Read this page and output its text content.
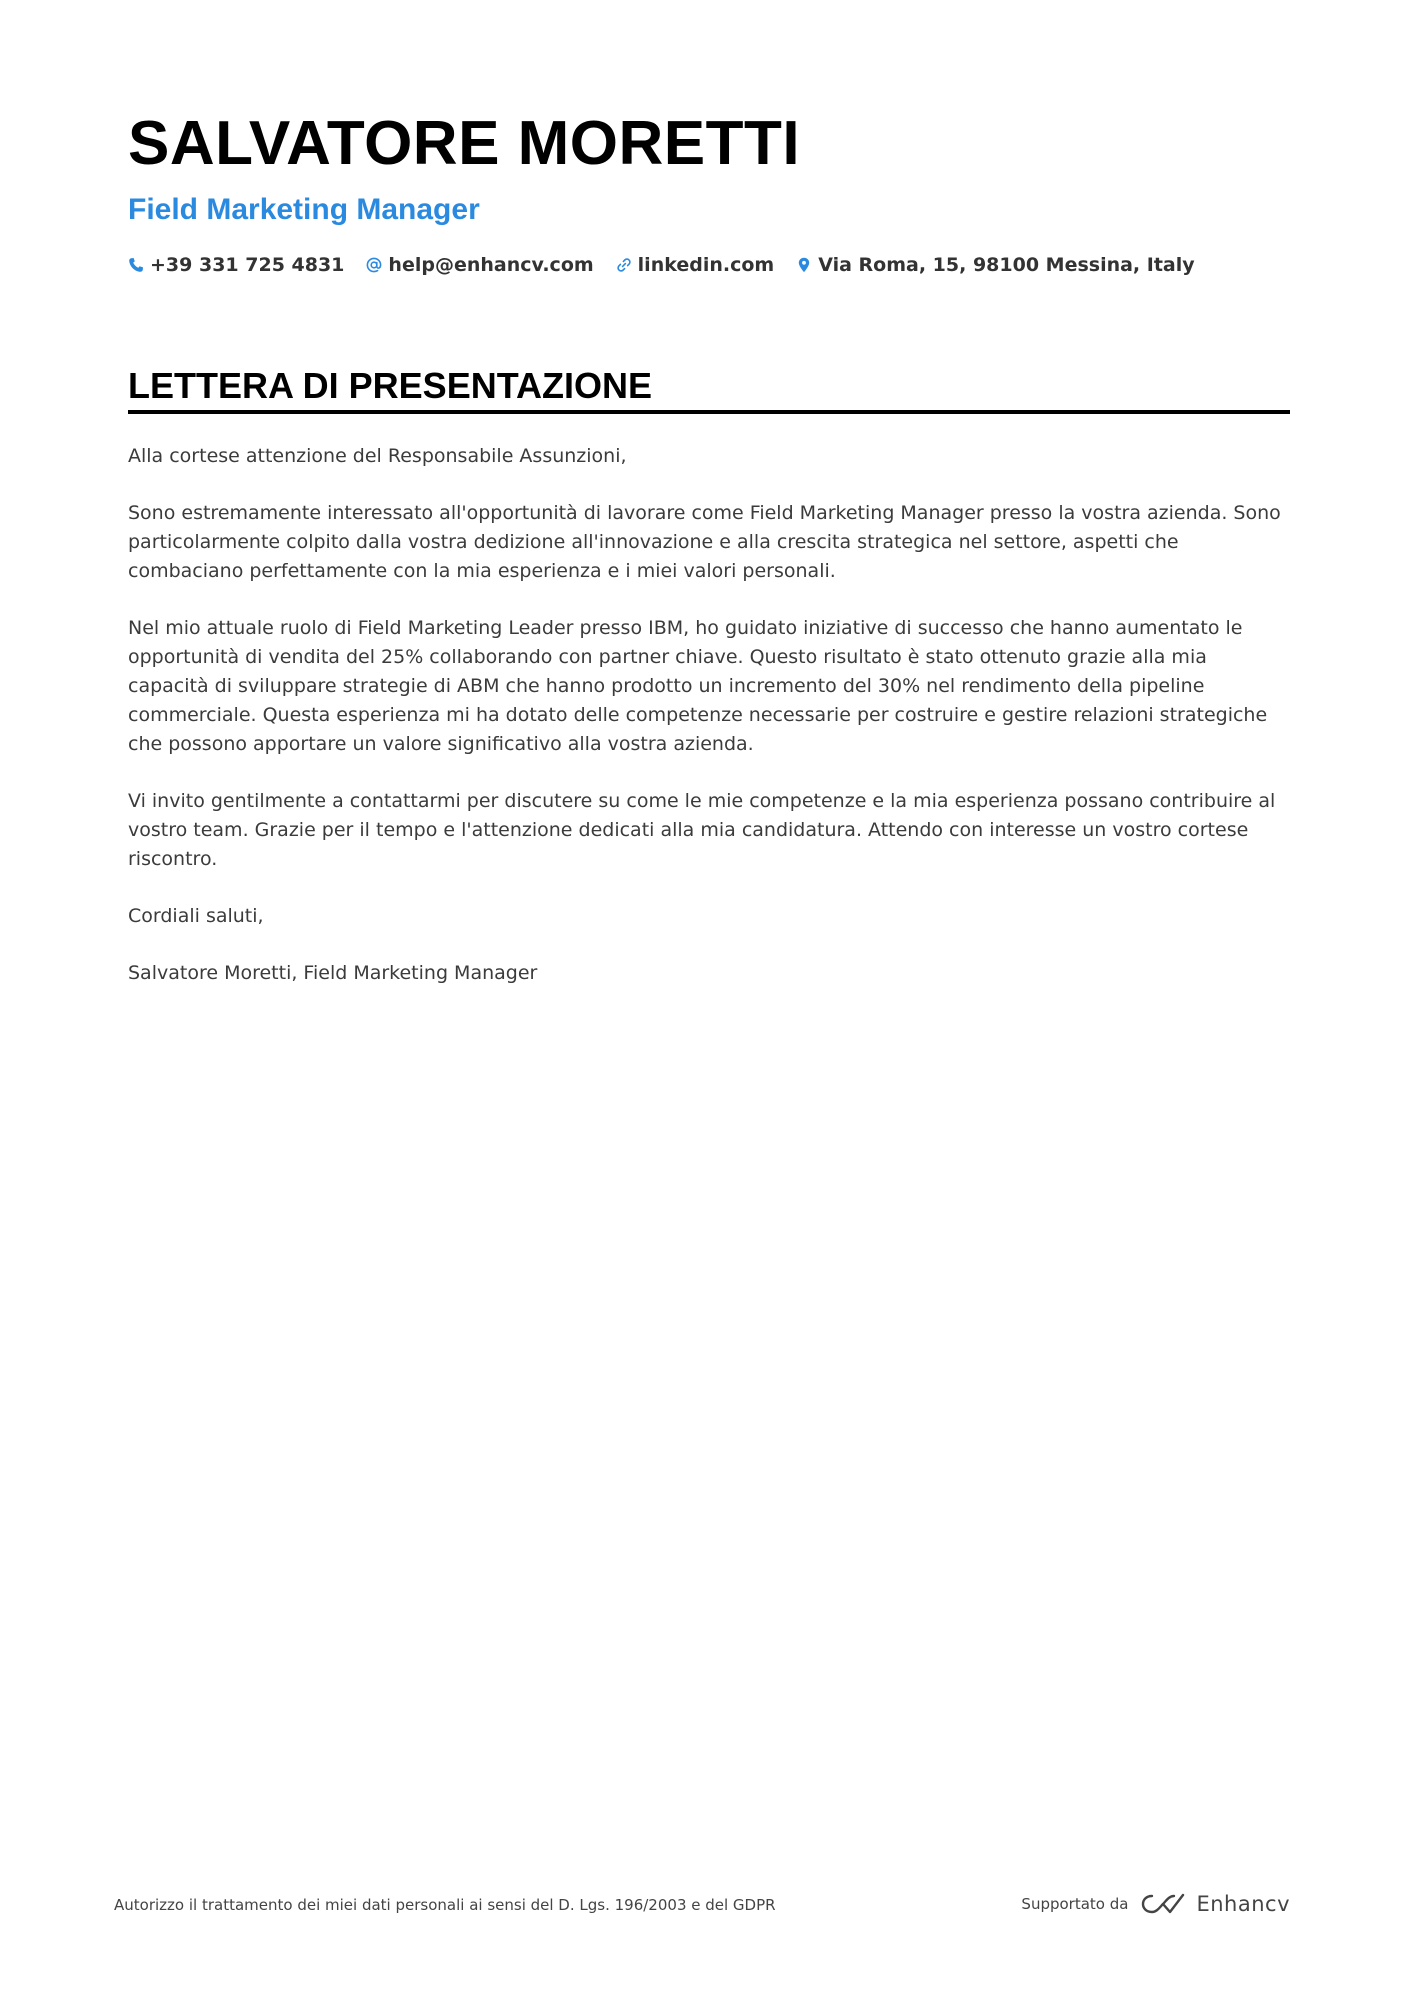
SALVATORE MORETTI
Field Marketing Manager
+39 331 725 4831 help@enhancv.com linkedin.com Via Roma, 15, 98100 Messina, Italy
LETTERA DI PRESENTAZIONE

Alla cortese attenzione del Responsabile Assunzioni,

Sono estremamente interessato all'opportunità di lavorare come Field Marketing Manager presso la vostra azienda. Sono particolarmente colpito dalla vostra dedizione all'innovazione e alla crescita strategica nel settore, aspetti che combaciano perfettamente con la mia esperienza e i miei valori personali.

Nel mio attuale ruolo di Field Marketing Leader presso IBM, ho guidato iniziative di successo che hanno aumentato le opportunità di vendita del 25% collaborando con partner chiave. Questo risultato è stato ottenuto grazie alla mia capacità di sviluppare strategie di ABM che hanno prodotto un incremento del 30% nel rendimento della pipeline commerciale. Questa esperienza mi ha dotato delle competenze necessarie per costruire e gestire relazioni strategiche che possono apportare un valore significativo alla vostra azienda.

Vi invito gentilmente a contattarmi per discutere su come le mie competenze e la mia esperienza possano contribuire al vostro team. Grazie per il tempo e l'attenzione dedicati alla mia candidatura. Attendo con interesse un vostro cortese riscontro.

Cordiali saluti,

Salvatore Moretti, Field Marketing Manager

Autorizzo il trattamento dei miei dati personali ai sensi del D. Lgs. 196/2003 e del GDPR	Supportato da	Enhancv
